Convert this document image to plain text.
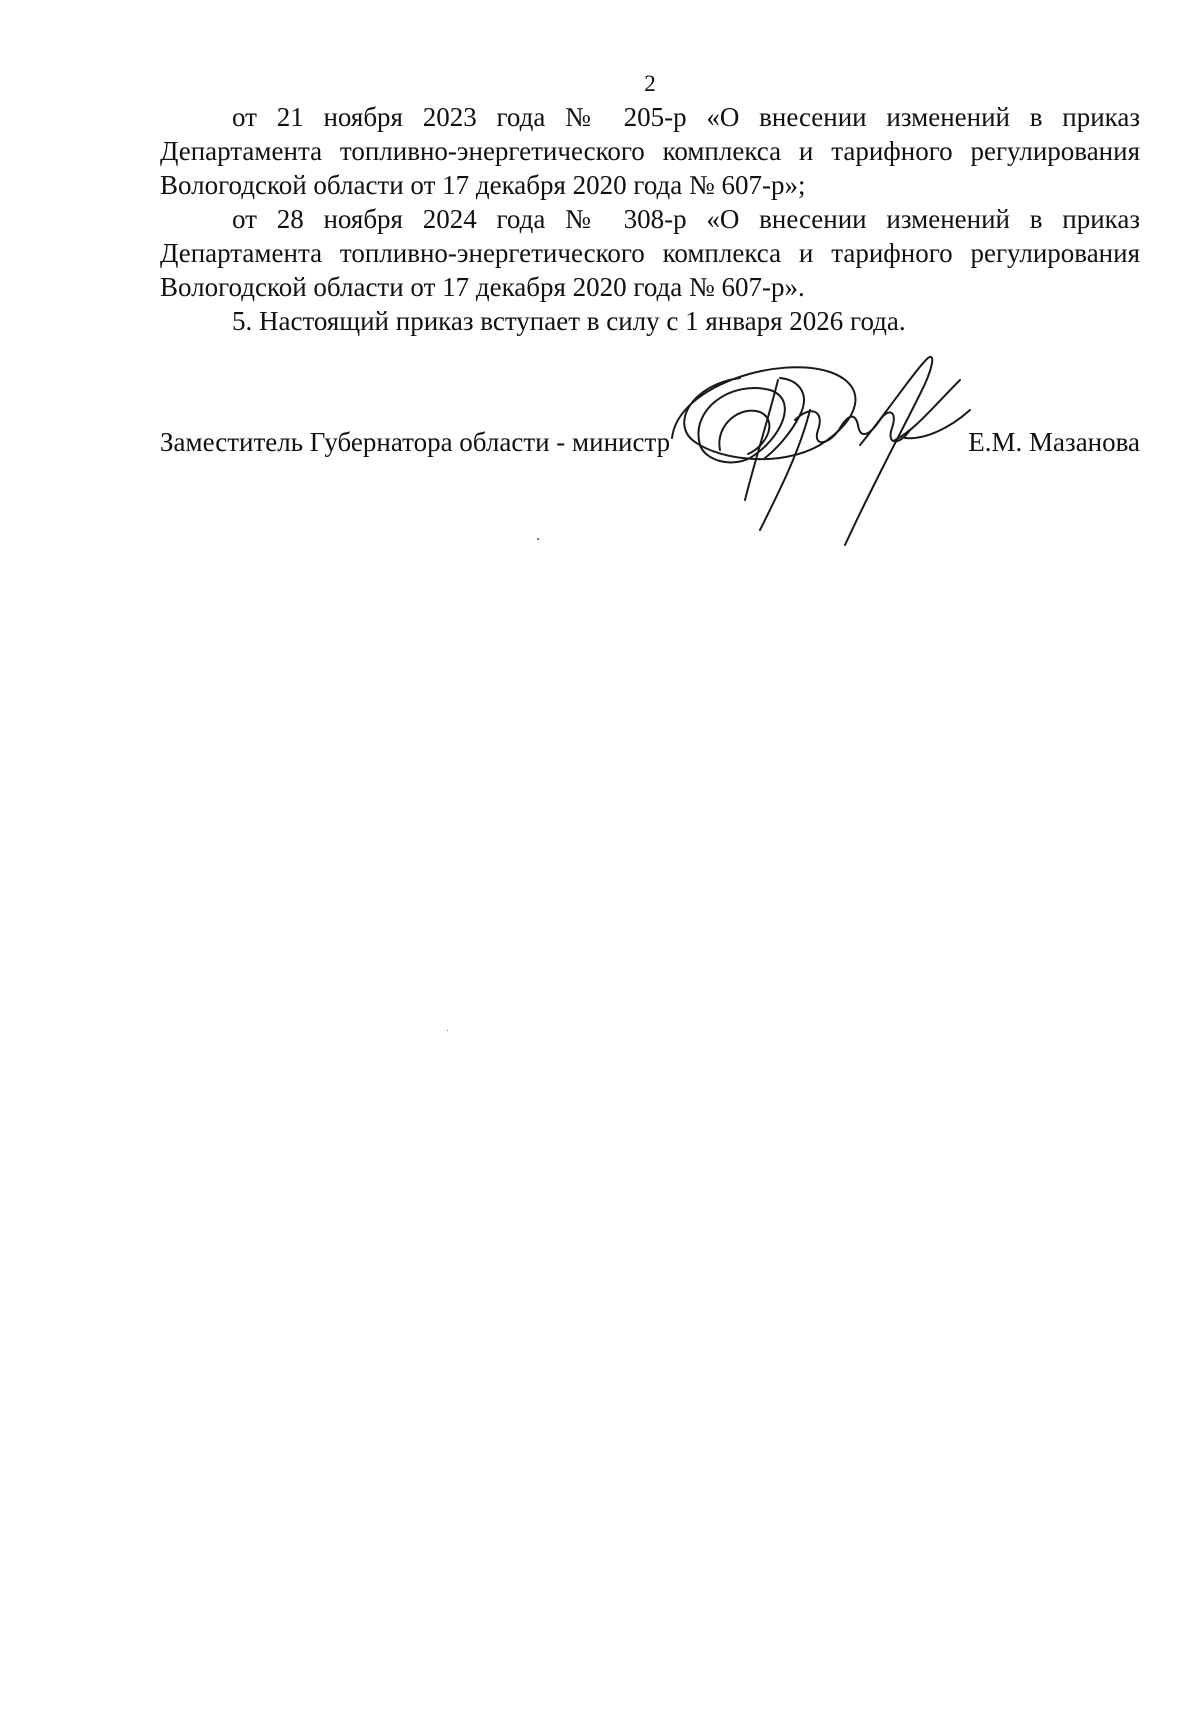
2

от 21 ноября 2023 года № 205-р «О внесении изменений в приказ Департамента топливно-энергетического комплекса и тарифного регулирования Вологодской области от 17 декабря 2020 года № 607-р»;

от 28 ноября 2024 года № 308-р «О внесении изменений в приказ Департамента топливно-энергетического комплекса и тарифного регулирования Вологодской области от 17 декабря 2020 года № 607-р».

5. Настоящий приказ вступает в силу с 1 января 2026 года.

Заместитель Губернатора области - министр	Е.М. Мазанова
